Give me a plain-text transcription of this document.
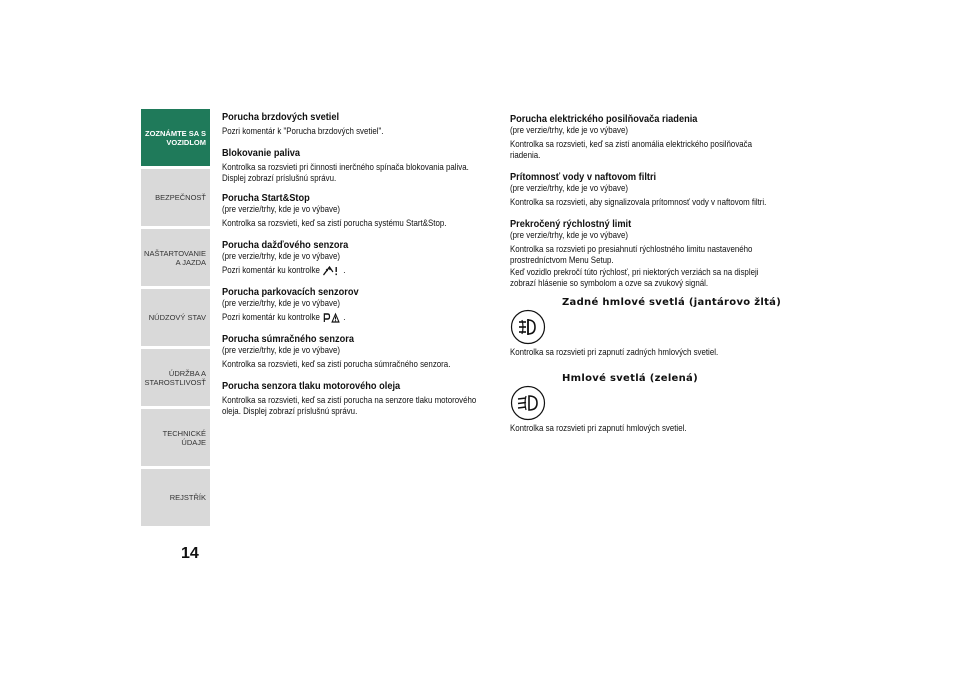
ZOZNÁMTE SA S VOZIDLOM
BEZPEČNOSŤ
NAŠTARTOVANIE A JAZDA
NÚDZOVÝ STAV
ÚDRŽBA A STAROSTLIVOSŤ
TECHNICKÉ ÚDAJE
REJSTŘÍK
14
Porucha brzdových svetiel

Pozri komentár k "Porucha brzdových svetiel".

Blokovanie paliva

Kontrolka sa rozsvieti pri činnosti inerčného spínača blokovania paliva. Displej zobrazí príslušnú správu.

Porucha Start&Stop
(pre verzie/trhy, kde je vo výbave)

Kontrolka sa rozsvieti, keď sa zistí porucha systému Start&Stop.

Porucha dažďového senzora
(pre verzie/trhy, kde je vo výbave)

Pozri komentár ku kontrolke	.

Porucha parkovacích senzorov
(pre verzie/trhy, kde je vo výbave)

Pozri komentár ku kontrolke	.

Porucha súmračného senzora
(pre verzie/trhy, kde je vo výbave)

Kontrolka sa rozsvieti, keď sa zistí porucha súmračného senzora.

Porucha senzora tlaku motorového oleja

Kontrolka sa rozsvieti, keď sa zistí porucha na senzore tlaku motorového oleja. Displej zobrazí príslušnú správu.

Porucha elektrického posilňovača riadenia
(pre verzie/trhy, kde je vo výbave)

Kontrolka sa rozsvieti, keď sa zistí anomália elektrického posilňovača riadenia.

Prítomnosť vody v naftovom filtri
(pre verzie/trhy, kde je vo výbave)

Kontrolka sa rozsvieti, aby signalizovala prítomnosť vody v naftovom filtri.

Prekročený rýchlostný limit
(pre verzie/trhy, kde je vo výbave)

Kontrolka sa rozsvieti po presiahnutí rýchlostného limitu nastaveného prostredníctvom Menu Setup.

Keď vozidlo prekročí túto rýchlosť, pri niektorých verziách sa na displeji zobrazí hlásenie so symbolom a ozve sa zvukový signál.

Zadné hmlové svetlá (jantárovo žltá)

Kontrolka sa rozsvieti pri zapnutí zadných hmlových svetiel.

Hmlové svetlá (zelená)

Kontrolka sa rozsvieti pri zapnutí hmlových svetiel.
